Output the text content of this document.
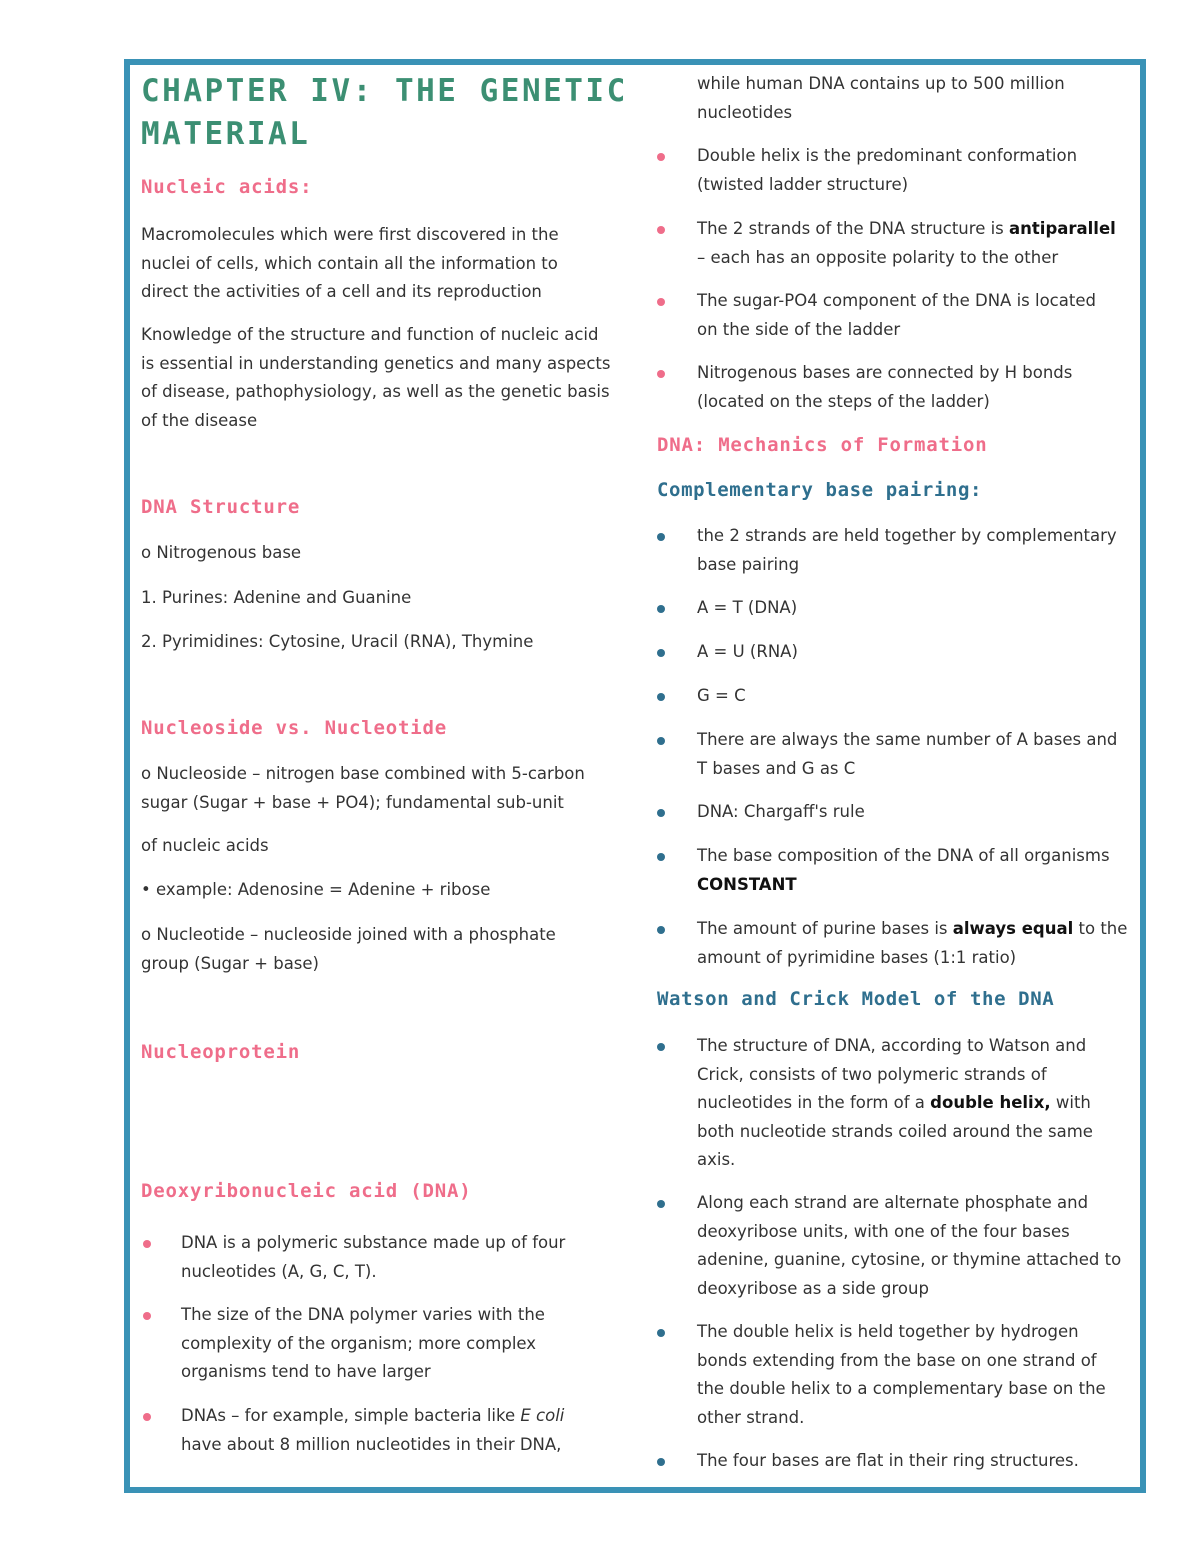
CHAPTER IV: THE GENETIC
MATERIAL
Nucleic acids:
Macromolecules which were first discovered in the
nuclei of cells, which contain all the information to
direct the activities of a cell and its reproduction
Knowledge of the structure and function of nucleic acid
is essential in understanding genetics and many aspects
of disease, pathophysiology, as well as the genetic basis
of the disease
DNA Structure
o Nitrogenous base
1. Purines: Adenine and Guanine
2. Pyrimidines: Cytosine, Uracil (RNA), Thymine
Nucleoside vs. Nucleotide
o Nucleoside – nitrogen base combined with 5-carbon
sugar (Sugar + base + PO4); fundamental sub-unit
of nucleic acids
• example: Adenosine = Adenine + ribose
o Nucleotide – nucleoside joined with a phosphate
group (Sugar + base)
Nucleoprotein
Deoxyribonucleic acid (DNA)
DNA is a polymeric substance made up of four
nucleotides (A, G, C, T).
The size of the DNA polymer varies with the
complexity of the organism; more complex
organisms tend to have larger
DNAs – for example, simple bacteria like E coli
have about 8 million nucleotides in their DNA,
while human DNA contains up to 500 million
nucleotides
Double helix is the predominant conformation
(twisted ladder structure)
The 2 strands of the DNA structure is antiparallel
– each has an opposite polarity to the other
The sugar-PO4 component of the DNA is located
on the side of the ladder
Nitrogenous bases are connected by H bonds
(located on the steps of the ladder)
DNA: Mechanics of Formation
Complementary base pairing:
the 2 strands are held together by complementary
base pairing
A = T (DNA)
A = U (RNA)
G = C
There are always the same number of A bases and
T bases and G as C
DNA: Chargaff's rule
The base composition of the DNA of all organisms
CONSTANT
The amount of purine bases is always equal to the
amount of pyrimidine bases (1:1 ratio)
Watson and Crick Model of the DNA
The structure of DNA, according to Watson and
Crick, consists of two polymeric strands of
nucleotides in the form of a double helix, with
both nucleotide strands coiled around the same
axis.
Along each strand are alternate phosphate and
deoxyribose units, with one of the four bases
adenine, guanine, cytosine, or thymine attached to
deoxyribose as a side group
The double helix is held together by hydrogen
bonds extending from the base on one strand of
the double helix to a complementary base on the
other strand.
The four bases are flat in their ring structures.
